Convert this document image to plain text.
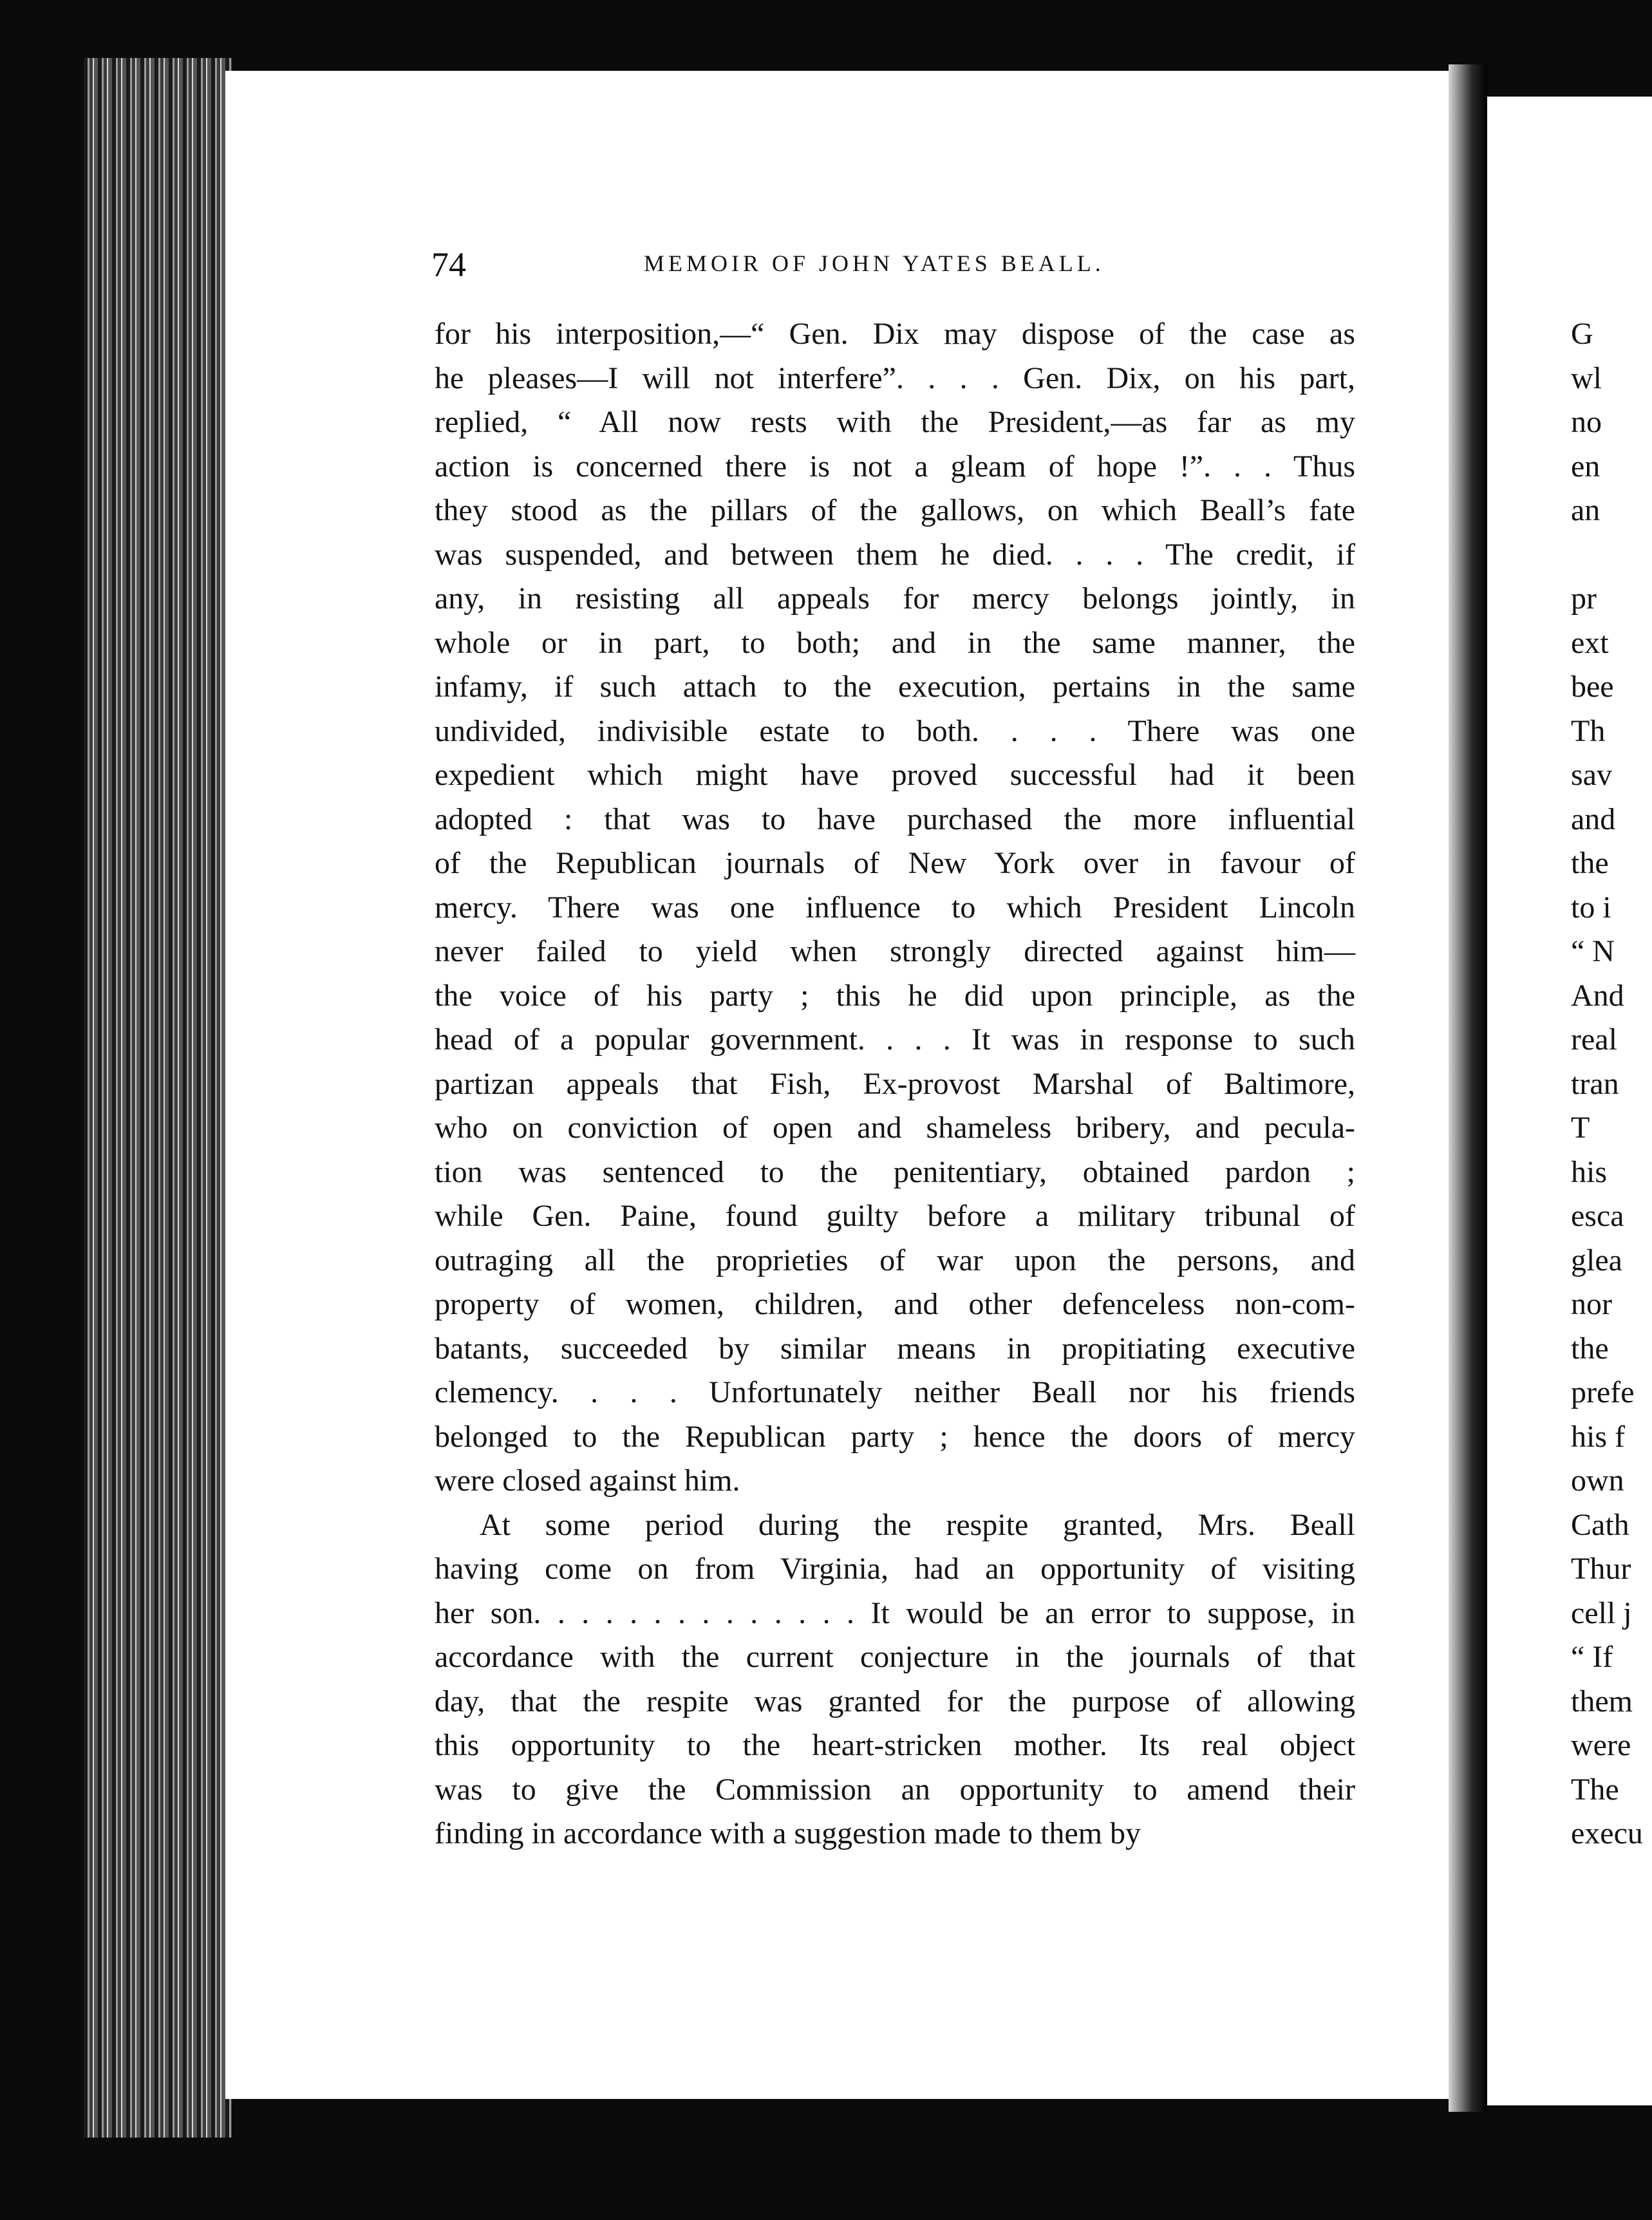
74	MEMOIR OF JOHN YATES BEALL.
for his interposition,—“ Gen. Dix may dispose of the case as
he pleases—I will not interfere”. . . . Gen. Dix, on his part,
replied, “ All now rests with the President,—as far as my
action is concerned there is not a gleam of hope !”. . . Thus
they stood as the pillars of the gallows, on which Beall’s fate
was suspended, and between them he died. . . . The credit, if
any, in resisting all appeals for mercy belongs jointly, in
whole or in part, to both; and in the same manner, the
infamy, if such attach to the execution, pertains in the same
undivided, indivisible estate to both. . . . There was one
expedient which might have proved successful had it been
adopted : that was to have purchased the more influential
of the Republican journals of New York over in favour of
mercy. There was one influence to which President Lincoln
never failed to yield when strongly directed against him—
the voice of his party ; this he did upon principle, as the
head of a popular government. . . . It was in response to such
partizan appeals that Fish, Ex-provost Marshal of Baltimore,
who on conviction of open and shameless bribery, and pecula-
tion was sentenced to the penitentiary, obtained pardon ;
while Gen. Paine, found guilty before a military tribunal of
outraging all the proprieties of war upon the persons, and
property of women, children, and other defenceless non-com-
batants, succeeded by similar means in propitiating executive
clemency. . . . Unfortunately neither Beall nor his friends
belonged to the Republican party ; hence the doors of mercy
were closed against him.
At some period during the respite granted, Mrs. Beall
having come on from Virginia, had an opportunity of visiting
her son. . . . . . . . . . . . . . It would be an error to suppose, in
accordance with the current conjecture in the journals of that
day, that the respite was granted for the purpose of allowing
this opportunity to the heart-stricken mother. Its real object
was to give the Commission an opportunity to amend their
finding in accordance with a suggestion made to them by
G
wl
no
en
an
pr
ext
bee
Th
sav
and
the
to i
“ N
And
real
tran
T
his
esca
glea
nor
the
prefe
his f
own
Cath
Thur
cell j
“ If
them
were
The
execu
